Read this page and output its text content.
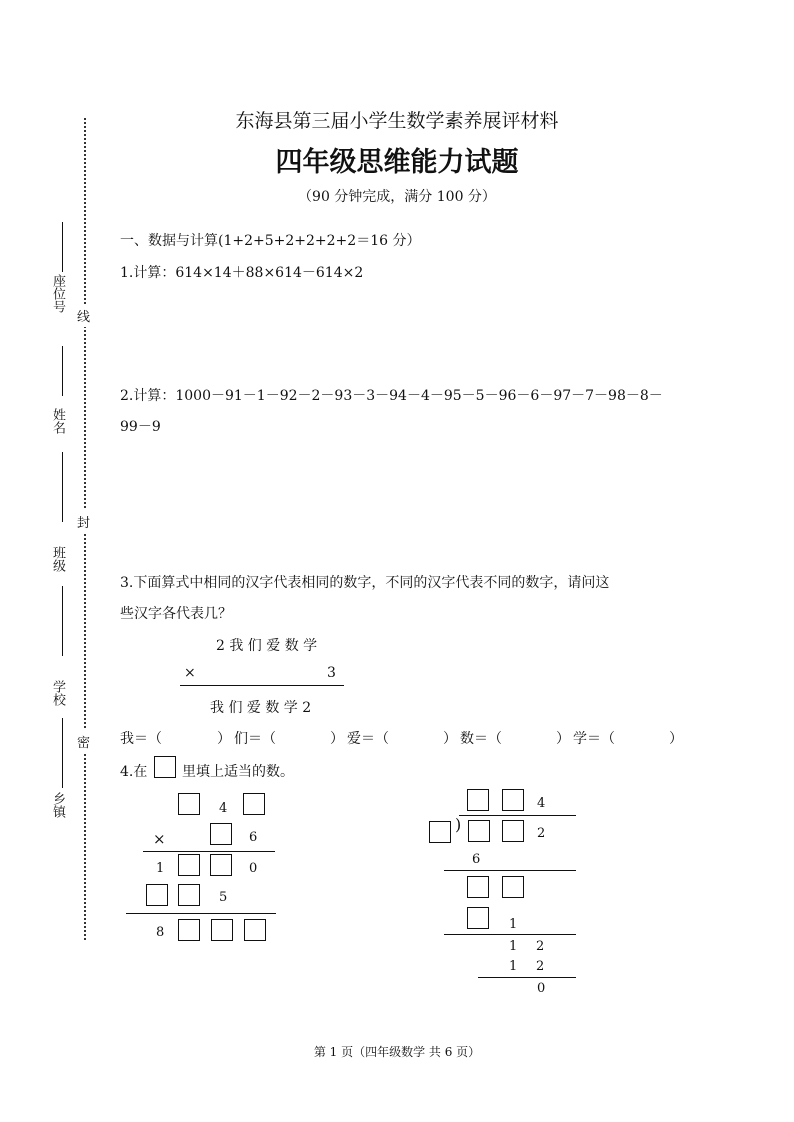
东海县第三届小学生数学素养展评材料
四年级思维能力试题
（90 分钟完成，满分 100 分）
座位号
姓名
班级
学校
乡镇
线
封
密
一、数据与计算(1+2+5+2+2+2+2＝16 分）
1.计算：614×14＋88×614－614×2
2.计算：1000－91－1－92－2－93－3－94－4－95－5－96－6－97－7－98－8－
99－9
3.下面算式中相同的汉字代表相同的数字，不同的汉字代表不同的数字，请问这
些汉字各代表几？
2 我 们 爱 数 学
×	3
我 们 爱 数 学 2
我＝（	） 们＝（	） 爱＝（	） 数＝（	） 学＝（	）
4.在 里填上适当的数。
4
×	6
1	0
5
8
4
)	2
6
1
1 2
1 2
0
第 1 页（四年级数学 共 6 页）
